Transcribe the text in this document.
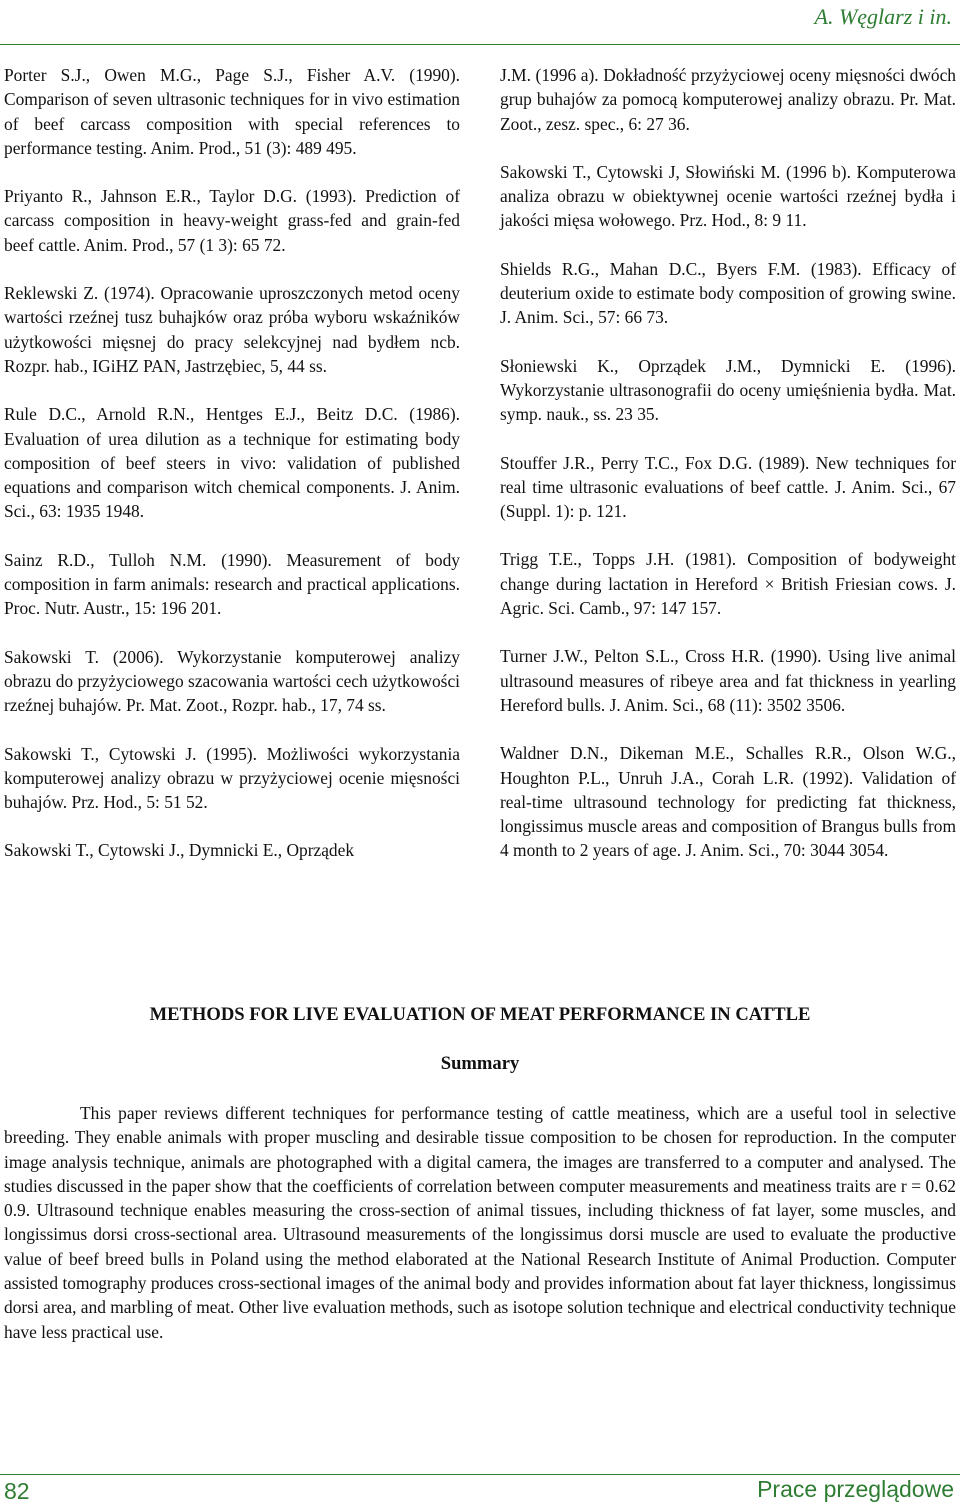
A. Węglarz i in.

Porter S.J., Owen M.G., Page S.J., Fisher A.V. (1990). Comparison of seven ultrasonic techniques for in vivo estimation of beef carcass composition with special references to performance testing. Anim. Prod., 51 (3): 489 495.

Priyanto R., Jahnson E.R., Taylor D.G. (1993). Prediction of carcass composition in heavy-weight grass-fed and grain-fed beef cattle. Anim. Prod., 57 (1 3): 65 72.

Reklewski Z. (1974). Opracowanie uproszczonych metod oceny wartości rzeźnej tusz buhajków oraz próba wyboru wskaźników użytkowości mięsnej do pracy selekcyjnej nad bydłem ncb. Rozpr. hab., IGiHZ PAN, Jastrzębiec, 5, 44 ss.

Rule D.C., Arnold R.N., Hentges E.J., Beitz D.C. (1986). Evaluation of urea dilution as a technique for estimating body composition of beef steers in vivo: validation of published equations and comparison witch chemical components. J. Anim. Sci., 63: 1935 1948.

Sainz R.D., Tulloh N.M. (1990). Measurement of body composition in farm animals: research and practical applications. Proc. Nutr. Austr., 15: 196 201.

Sakowski T. (2006). Wykorzystanie komputerowej analizy obrazu do przyżyciowego szacowania wartości cech użytkowości rzeźnej buhajów. Pr. Mat. Zoot., Rozpr. hab., 17, 74 ss.

Sakowski T., Cytowski J. (1995). Możliwości wykorzystania komputerowej analizy obrazu w przyżyciowej ocenie mięsności buhajów. Prz. Hod., 5: 51 52.

Sakowski T., Cytowski J., Dymnicki E., Oprządek

J.M. (1996 a). Dokładność przyżyciowej oceny mięsności dwóch grup buhajów za pomocą komputerowej analizy obrazu. Pr. Mat. Zoot., zesz. spec., 6: 27 36.

Sakowski T., Cytowski J, Słowiński M. (1996 b). Komputerowa analiza obrazu w obiektywnej ocenie wartości rzeźnej bydła i jakości mięsa wołowego. Prz. Hod., 8: 9 11.

Shields R.G., Mahan D.C., Byers F.M. (1983). Efficacy of deuterium oxide to estimate body composition of growing swine. J. Anim. Sci., 57: 66 73.

Słoniewski K., Oprządek J.M., Dymnicki E. (1996). Wykorzystanie ultrasonografii do oceny umięśnienia bydła. Mat. symp. nauk., ss. 23 35.

Stouffer J.R., Perry T.C., Fox D.G. (1989). New techniques for real time ultrasonic evaluations of beef cattle. J. Anim. Sci., 67 (Suppl. 1): p. 121.

Trigg T.E., Topps J.H. (1981). Composition of bodyweight change during lactation in Hereford × British Friesian cows. J. Agric. Sci. Camb., 97: 147 157.

Turner J.W., Pelton S.L., Cross H.R. (1990). Using live animal ultrasound measures of ribeye area and fat thickness in yearling Hereford bulls. J. Anim. Sci., 68 (11): 3502 3506.

Waldner D.N., Dikeman M.E., Schalles R.R., Olson W.G., Houghton P.L., Unruh J.A., Corah L.R. (1992). Validation of real-time ultrasound technology for predicting fat thickness, longissimus muscle areas and composition of Brangus bulls from 4 month to 2 years of age. J. Anim. Sci., 70: 3044 3054.

METHODS FOR LIVE EVALUATION OF MEAT PERFORMANCE IN CATTLE
Summary

This paper reviews different techniques for performance testing of cattle meatiness, which are a useful tool in selective breeding. They enable animals with proper muscling and desirable tissue composition to be chosen for reproduction. In the computer image analysis technique, animals are photographed with a digital camera, the images are transferred to a computer and analysed. The studies discussed in the paper show that the coefficients of correlation between computer measurements and meatiness traits are r = 0.62 0.9. Ultrasound technique enables measuring the cross-section of animal tissues, including thickness of fat layer, some muscles, and longissimus dorsi cross-sectional area. Ultrasound measurements of the longissimus dorsi muscle are used to evaluate the productive value of beef breed bulls in Poland using the method elaborated at the National Research Institute of Animal Production. Computer assisted tomography produces cross-sectional images of the animal body and provides information about fat layer thickness, longissimus dorsi area, and marbling of meat. Other live evaluation methods, such as isotope solution technique and electrical conductivity technique have less practical use.

82	Prace przeglądowe
